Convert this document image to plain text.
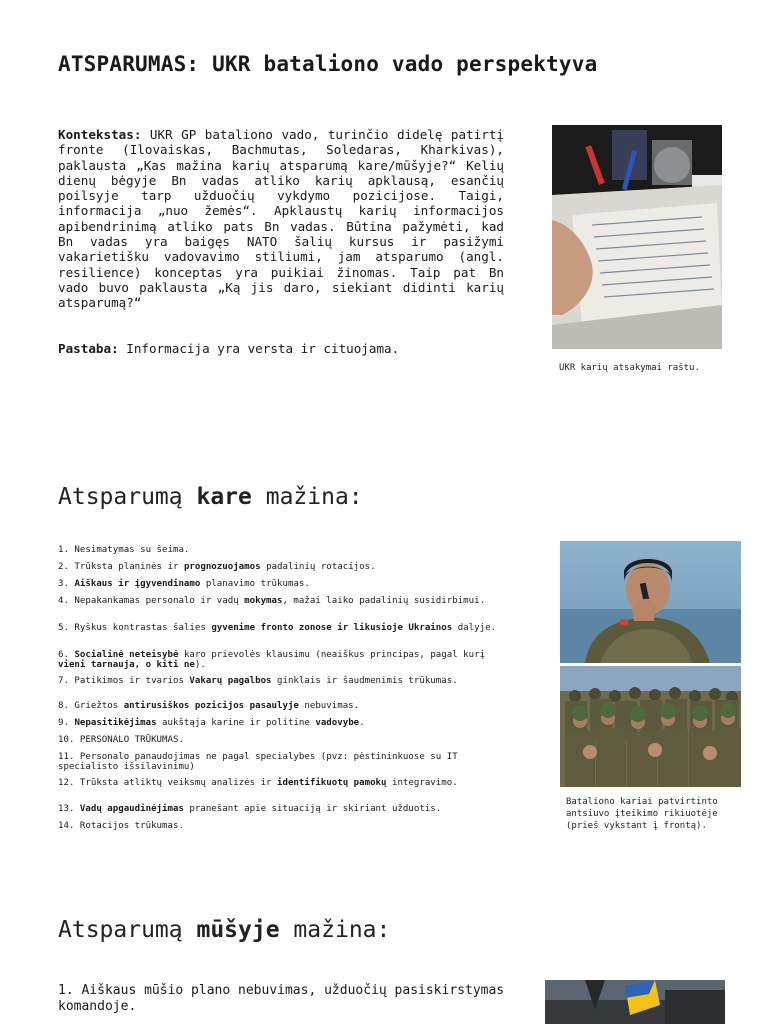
ATSPARUMAS: UKR bataliono vado perspektyva
Kontekstas: UKR GP bataliono vado, turinčio didelę patirtį fronte (Ilovaiskas, Bachmutas, Soledaras, Kharkivas), paklausta „Kas mažina karių atsparumą kare/mūšyje?“ Kelių dienų bėgyje Bn vadas atliko karių apklausą, esančių poilsyje tarp užduočių vykdymo pozicijose. Taigi, informacija „nuo žemės“. Apklaustų karių informacijos apibendrinimą atliko pats Bn vadas. Būtina pažymėti, kad Bn vadas yra baigęs NATO šalių kursus ir pasižymi vakarietišku vadovavimo stiliumi, jam atsparumo (angl. resilience) konceptas yra puikiai žinomas. Taip pat Bn vado buvo paklausta „Ką jis daro, siekiant didinti karių atsparumą?“
Pastaba: Informacija yra versta ir cituojama.
UKR karių atsakymai raštu.
Atsparumą kare mažina:
1. Nesimatymas su šeima.
2. Trūksta planinės ir prognozuojamos padalinių rotacijos.
3. Aiškaus ir įgyvendinamo planavimo trūkumas.
4. Nepakankamas personalo ir vadų mokymas, mažai laiko padalinių susidirbimui.
5. Ryškus kontrastas šalies gyvenime fronto zonose ir likusioje Ukrainos dalyje.
6. Socialinė neteisybė karo prievolės klausimu (neaiškus principas, pagal kurį vieni tarnauja, o kiti ne).
7. Patikimos ir tvarios Vakarų pagalbos ginklais ir šaudmenimis trūkumas.
8. Griežtos antirusiškos pozicijos pasaulyje nebuvimas.
9. Nepasitikėjimas aukštąja karine ir politine vadovybe.
10. PERSONALO TRŪKUMAS.
11. Personalo panaudojimas ne pagal specialybes (pvz: pėstininkuose su IT specialisto išsilavinimu)
12. Trūksta atliktų veiksmų analizės ir identifikuotų pamokų integravimo.
13. Vadų apgaudinėjimas pranešant apie situaciją ir skiriant užduotis.
14. Rotacijos trūkumas.
Bataliono kariai patvirtinto antsiuvo įteikimo rikiuotėje (prieš vykstant į frontą).
Atsparumą mūšyje mažina:
1. Aiškaus mūšio plano nebuvimas, užduočių pasiskirstymas komandoje.
